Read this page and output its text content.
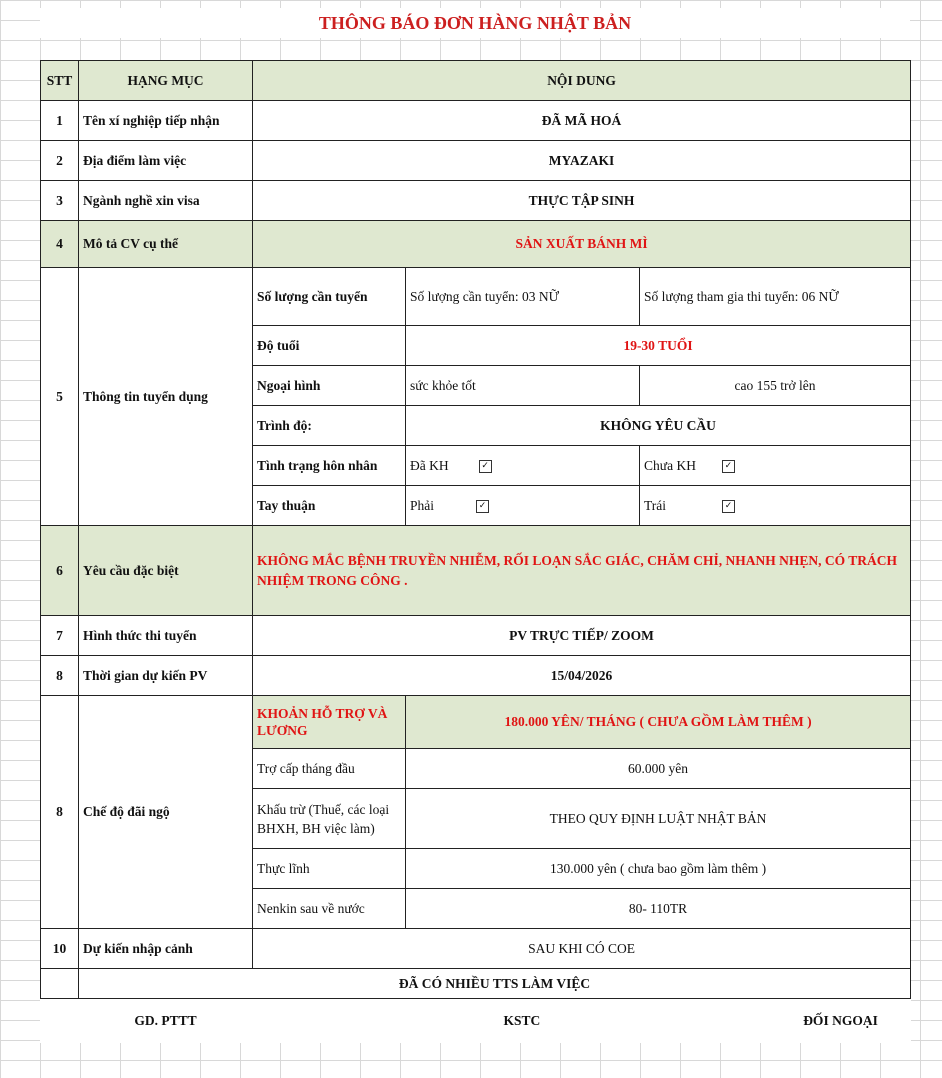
THÔNG BÁO ĐƠN HÀNG NHẬT BẢN
STT	HẠNG MỤC	NỘI DUNG			
1	Tên xí nghiệp tiếp nhận	ĐÃ MÃ HOÁ			
2	Địa điểm làm việc	MYAZAKI			
3	Ngành nghề xin visa	THỰC TẬP SINH			
4	Mô tả CV cụ thể	SẢN XUẤT BÁNH MÌ			
5	Thông tin tuyển dụng	Số lượng cần tuyển	Số lượng cần tuyển: 03 NỮ	Số lượng tham gia thi tuyển: 06 NỮ	
		Độ tuổi	19-30 TUỔI		
		Ngoại hình	sức khỏe tốt	cao 155 trở lên	
		Trình độ:	KHÔNG YÊU CẦU		
		Tình trạng hôn nhân	Đã KH ✓	Chưa KH ✓	
		Tay thuận	Phải ✓	Trái ✓	
6	Yêu cầu đặc biệt	KHÔNG MẮC BỆNH TRUYỀN NHIỄM, RỐI LOẠN SẮC GIÁC, CHĂM CHỈ, NHANH NHẸN, CÓ TRÁCH NHIỆM TRONG CÔNG .			
7	Hình thức thi tuyển	PV TRỰC TIẾP/ ZOOM			
8	Thời gian dự kiến PV	15/04/2026			
8	Chế độ đãi ngộ	KHOẢN HỖ TRỢ VÀ LƯƠNG	180.000 YÊN/ THÁNG ( CHƯA GỒM LÀM THÊM )		
		Trợ cấp tháng đầu	60.000 yên		
		Khấu trừ (Thuế, các loại BHXH, BH việc làm)	THEO QUY ĐỊNH LUẬT NHẬT BẢN		
		Thực lĩnh	130.000 yên ( chưa bao gồm làm thêm )		
		Nenkin sau về nước	80- 110TR		
10	Dự kiến nhập cảnh	SAU KHI CÓ COE			
	ĐÃ CÓ NHIỀU TTS LÀM VIỆC				
	GD. PTTT		KSTC		ĐỐI NGOẠI
